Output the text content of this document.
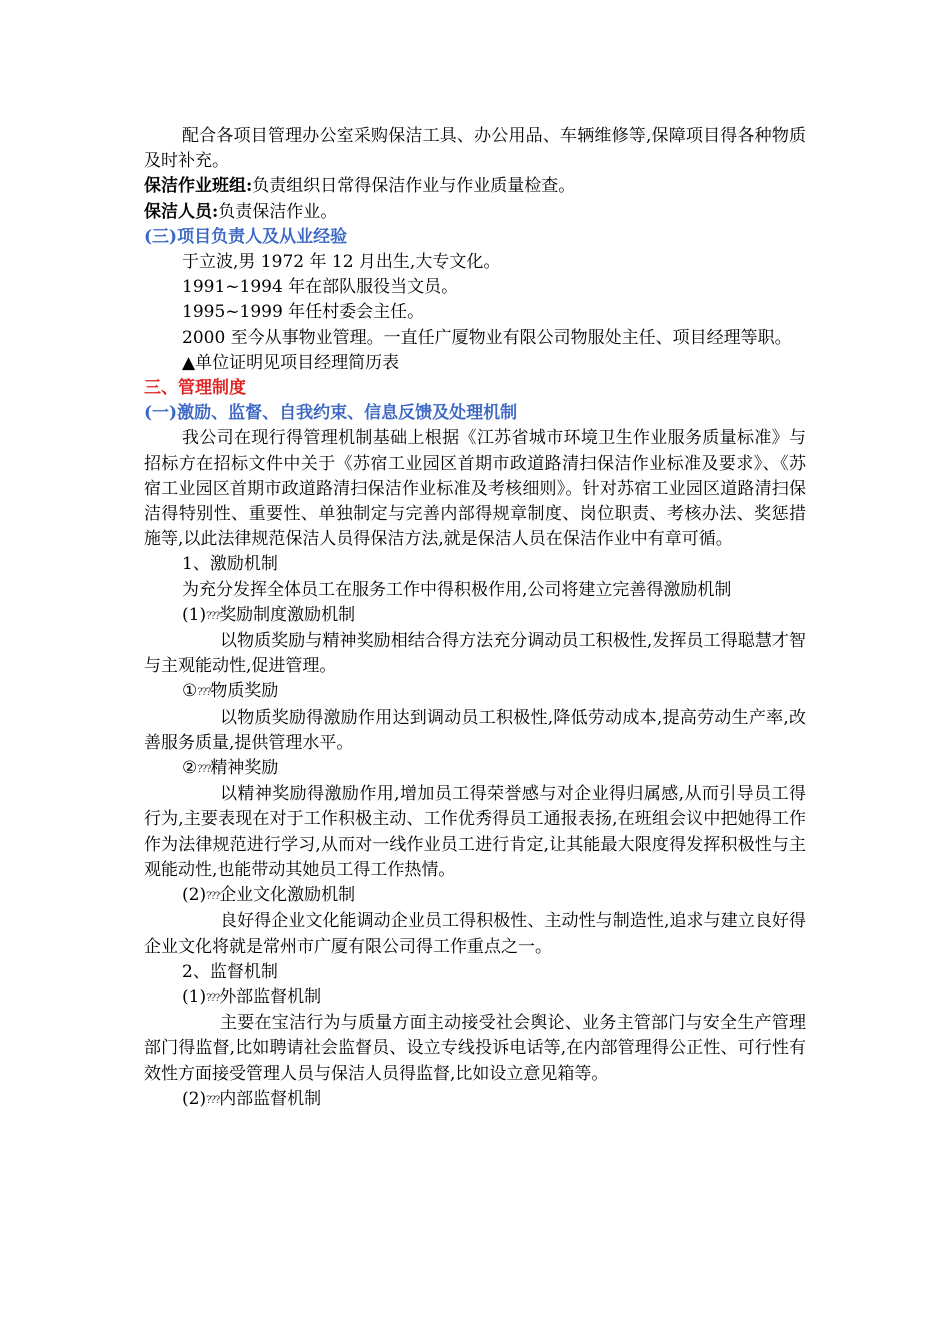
配合各项目管理办公室采购保洁工具、办公用品、车辆维修等,保障项目得各种物质及时补充。

保洁作业班组:负责组织日常得保洁作业与作业质量检查。

保洁人员:负责保洁作业。

(三)项目负责人及从业经验

于立波,男 1972 年 12 月出生,大专文化。

1991~1994 年在部队服役当文员。

1995~1999 年任村委会主任。

2000 至今从事物业管理。一直任广厦物业有限公司物服处主任、项目经理等职。

▲单位证明见项目经理简历表

三、管理制度

(一)激励、监督、自我约束、信息反馈及处理机制

我公司在现行得管理机制基础上根据《江苏省城市环境卫生作业服务质量标准》与招标方在招标文件中关于《苏宿工业园区首期市政道路清扫保洁作业标准及要求》、《苏宿工业园区首期市政道路清扫保洁作业标准及考核细则》。针对苏宿工业园区道路清扫保洁得特别性、重要性、单独制定与完善内部得规章制度、岗位职责、考核办法、奖惩措施等,以此法律规范保洁人员得保洁方法,就是保洁人员在保洁作业中有章可循。

1、激励机制

为充分发挥全体员工在服务工作中得积极作用,公司将建立完善得激励机制

(1)???奖励制度激励机制

以物质奖励与精神奖励相结合得方法充分调动员工积极性,发挥员工得聪慧才智与主观能动性,促进管理。

①???物质奖励

以物质奖励得激励作用达到调动员工积极性,降低劳动成本,提高劳动生产率,改善服务质量,提供管理水平。

②???精神奖励

以精神奖励得激励作用,增加员工得荣誉感与对企业得归属感,从而引导员工得行为,主要表现在对于工作积极主动、工作优秀得员工通报表扬,在班组会议中把她得工作作为法律规范进行学习,从而对一线作业员工进行肯定,让其能最大限度得发挥积极性与主观能动性,也能带动其她员工得工作热情。

(2)???企业文化激励机制

良好得企业文化能调动企业员工得积极性、主动性与制造性,追求与建立良好得企业文化将就是常州市广厦有限公司得工作重点之一。

2、监督机制

(1)???外部监督机制

主要在宝洁行为与质量方面主动接受社会舆论、业务主管部门与安全生产管理部门得监督,比如聘请社会监督员、设立专线投诉电话等,在内部管理得公正性、可行性有效性方面接受管理人员与保洁人员得监督,比如设立意见箱等。

(2)???内部监督机制
